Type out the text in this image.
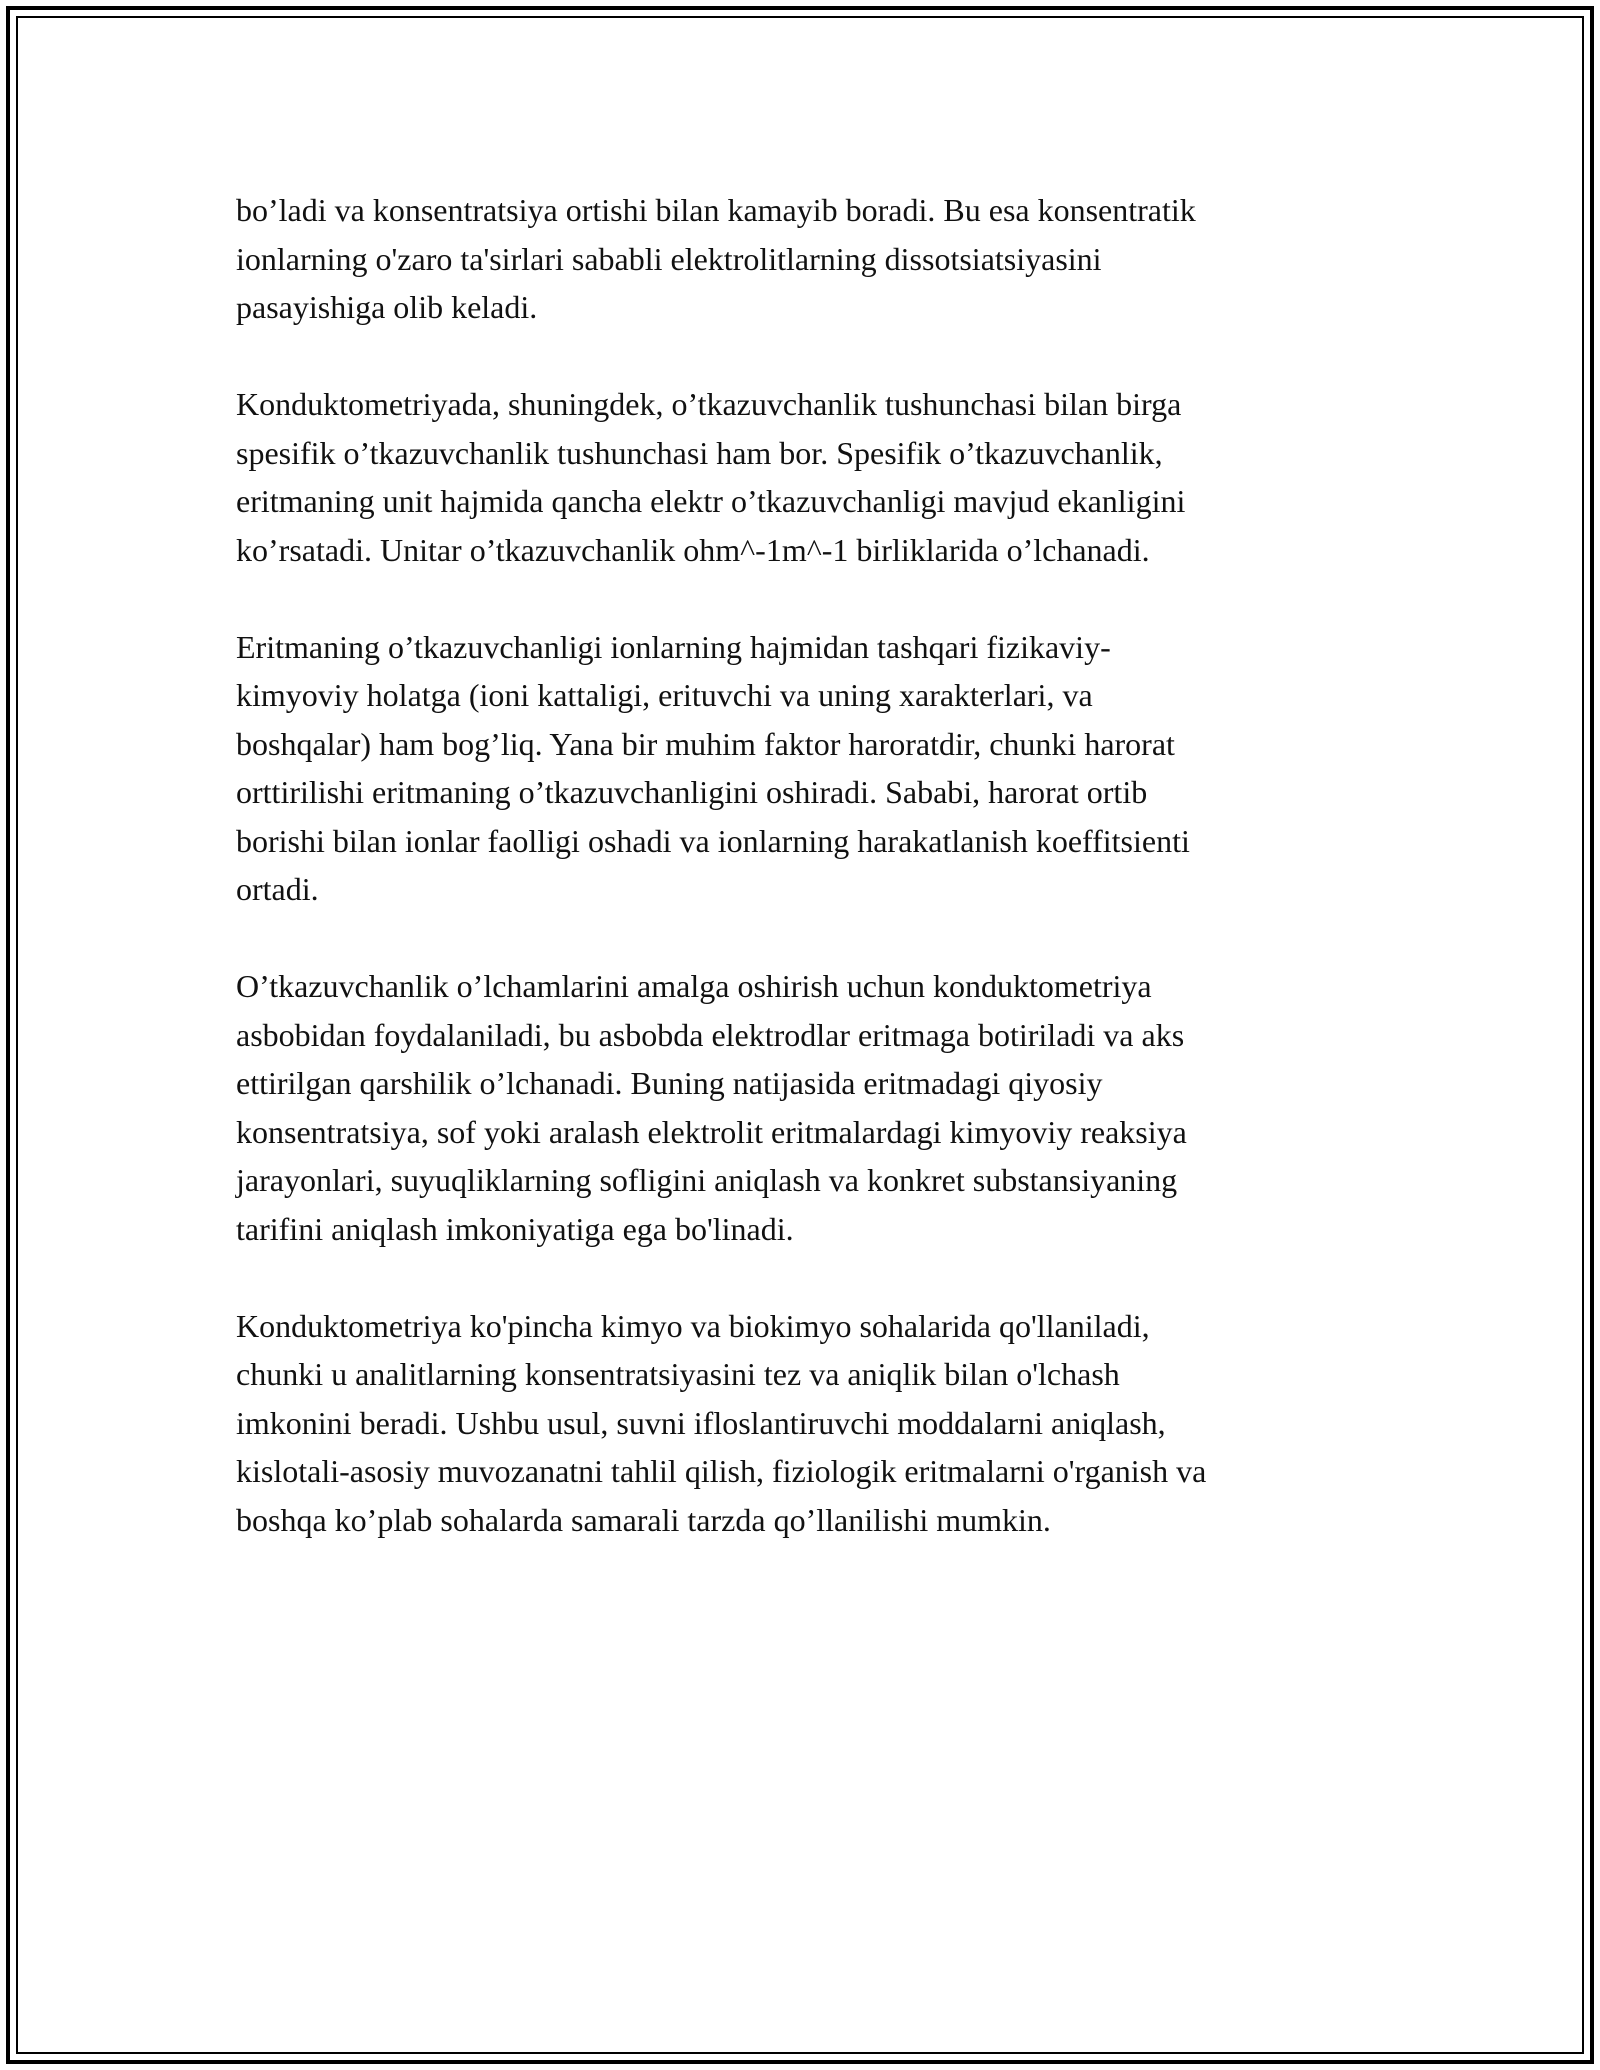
bo’ladi va konsentratsiya ortishi bilan kamayib boradi. Bu esa konsentratik
ionlarning o'zaro ta'sirlari sababli elektrolitlarning dissotsiatsiyasini
pasayishiga olib keladi.

Konduktometriyada, shuningdek, o’tkazuvchanlik tushunchasi bilan birga
spesifik o’tkazuvchanlik tushunchasi ham bor. Spesifik o’tkazuvchanlik,
eritmaning unit hajmida qancha elektr o’tkazuvchanligi mavjud ekanligini
ko’rsatadi. Unitar o’tkazuvchanlik ohm^-1m^-1 birliklarida o’lchanadi.

Eritmaning o’tkazuvchanligi ionlarning hajmidan tashqari fizikaviy-
kimyoviy holatga (ioni kattaligi, erituvchi va uning xarakterlari, va
boshqalar) ham bog’liq. Yana bir muhim faktor haroratdir, chunki harorat
orttirilishi eritmaning o’tkazuvchanligini oshiradi. Sababi, harorat ortib
borishi bilan ionlar faolligi oshadi va ionlarning harakatlanish koeffitsienti
ortadi.

O’tkazuvchanlik o’lchamlarini amalga oshirish uchun konduktometriya
asbobidan foydalaniladi, bu asbobda elektrodlar eritmaga botiriladi va aks
ettirilgan qarshilik o’lchanadi. Buning natijasida eritmadagi qiyosiy
konsentratsiya, sof yoki aralash elektrolit eritmalardagi kimyoviy reaksiya
jarayonlari, suyuqliklarning sofligini aniqlash va konkret substansiyaning
tarifini aniqlash imkoniyatiga ega bo'linadi.

Konduktometriya ko'pincha kimyo va biokimyo sohalarida qo'llaniladi,
chunki u analitlarning konsentratsiyasini tez va aniqlik bilan o'lchash
imkonini beradi. Ushbu usul, suvni ifloslantiruvchi moddalarni aniqlash,
kislotali-asosiy muvozanatni tahlil qilish, fiziologik eritmalarni o'rganish va
boshqa ko’plab sohalarda samarali tarzda qo’llanilishi mumkin.
